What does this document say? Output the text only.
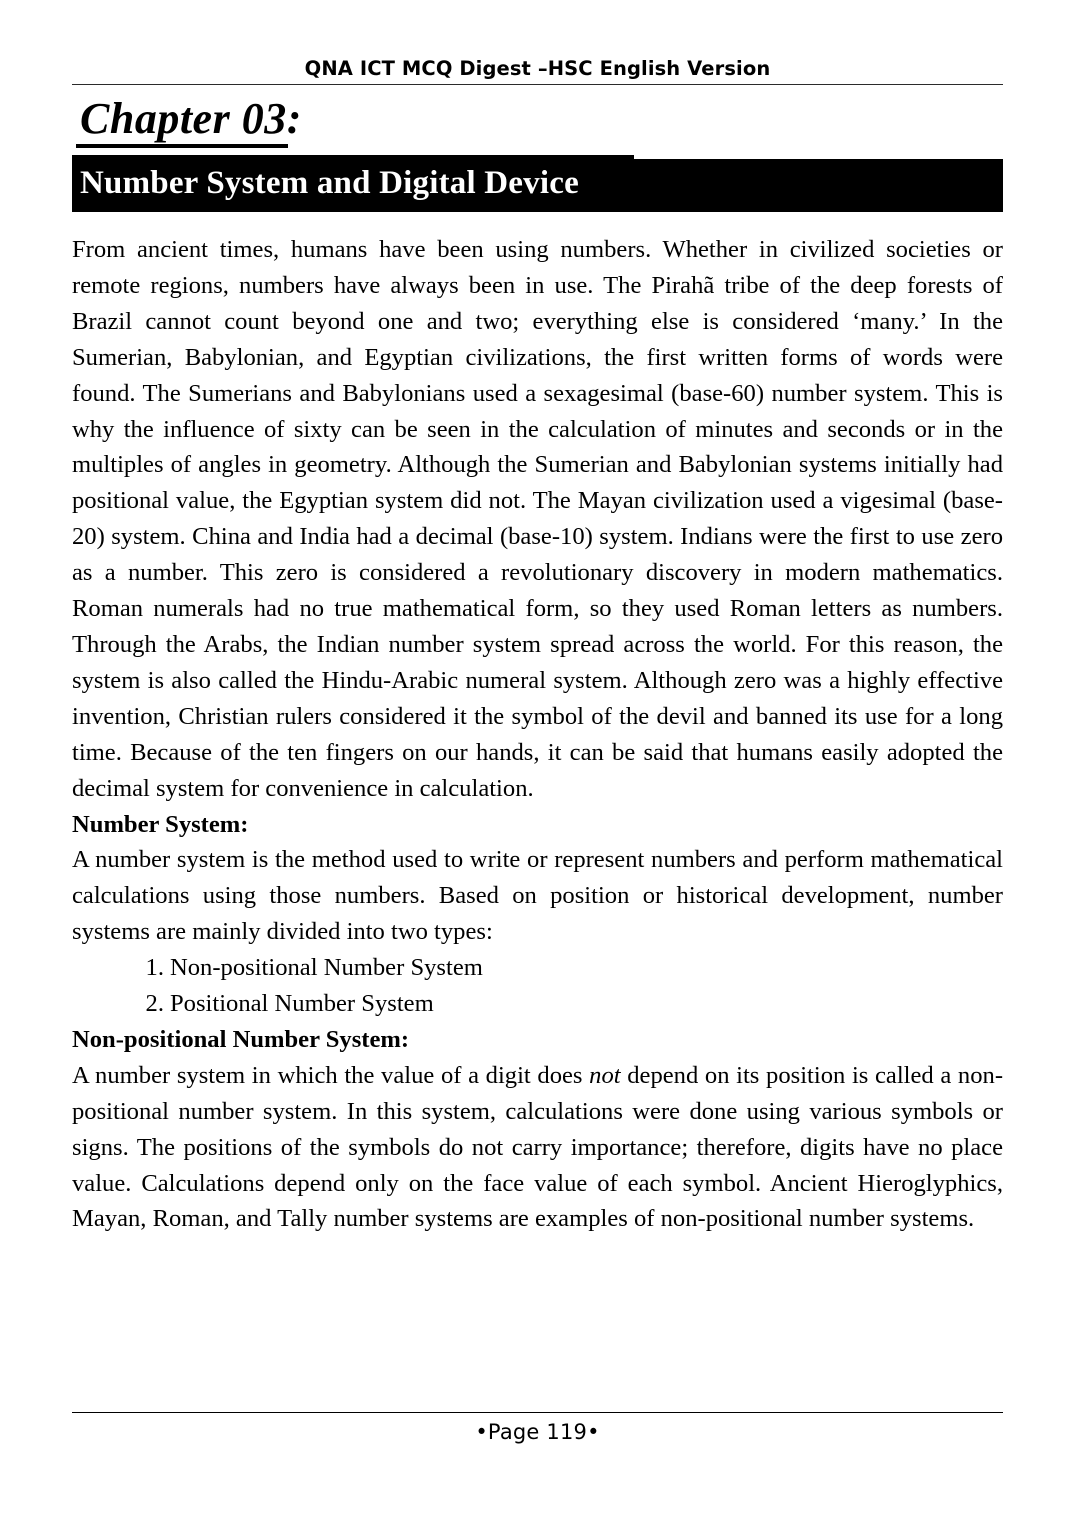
QNA ICT MCQ Digest –HSC English Version
Chapter 03:
Number System and Digital Device

From ancient times, humans have been using numbers. Whether in civilized societies or remote regions, numbers have always been in use. The Pirahã tribe of the deep forests of Brazil cannot count beyond one and two; everything else is considered ‘many.’ In the Sumerian, Babylonian, and Egyptian civilizations, the first written forms of words were found. The Sumerians and Babylonians used a sexagesimal (base-60) number system. This is why the influence of sixty can be seen in the calculation of minutes and seconds or in the multiples of angles in geometry. Although the Sumerian and Babylonian systems initially had positional value, the Egyptian system did not. The Mayan civilization used a vigesimal (base-20) system. China and India had a decimal (base-10) system. Indians were the first to use zero as a number. This zero is considered a revolutionary discovery in modern mathematics. Roman numerals had no true mathematical form, so they used Roman letters as numbers. Through the Arabs, the Indian number system spread across the world. For this reason, the system is also called the Hindu-Arabic numeral system. Although zero was a highly effective invention, Christian rulers considered it the symbol of the devil and banned its use for a long time. Because of the ten fingers on our hands, it can be said that humans easily adopted the decimal system for convenience in calculation.

Number System:

A number system is the method used to write or represent numbers and perform mathematical calculations using those numbers. Based on position or historical development, number systems are mainly divided into two types:

1. Non-positional Number System
2. Positional Number System
Non-positional Number System:

A number system in which the value of a digit does not depend on its position is called a non-positional number system. In this system, calculations were done using various symbols or signs. The positions of the symbols do not carry importance; therefore, digits have no place value. Calculations depend only on the face value of each symbol. Ancient Hieroglyphics, Mayan, Roman, and Tally number systems are examples of non-positional number systems.

•Page 119•
